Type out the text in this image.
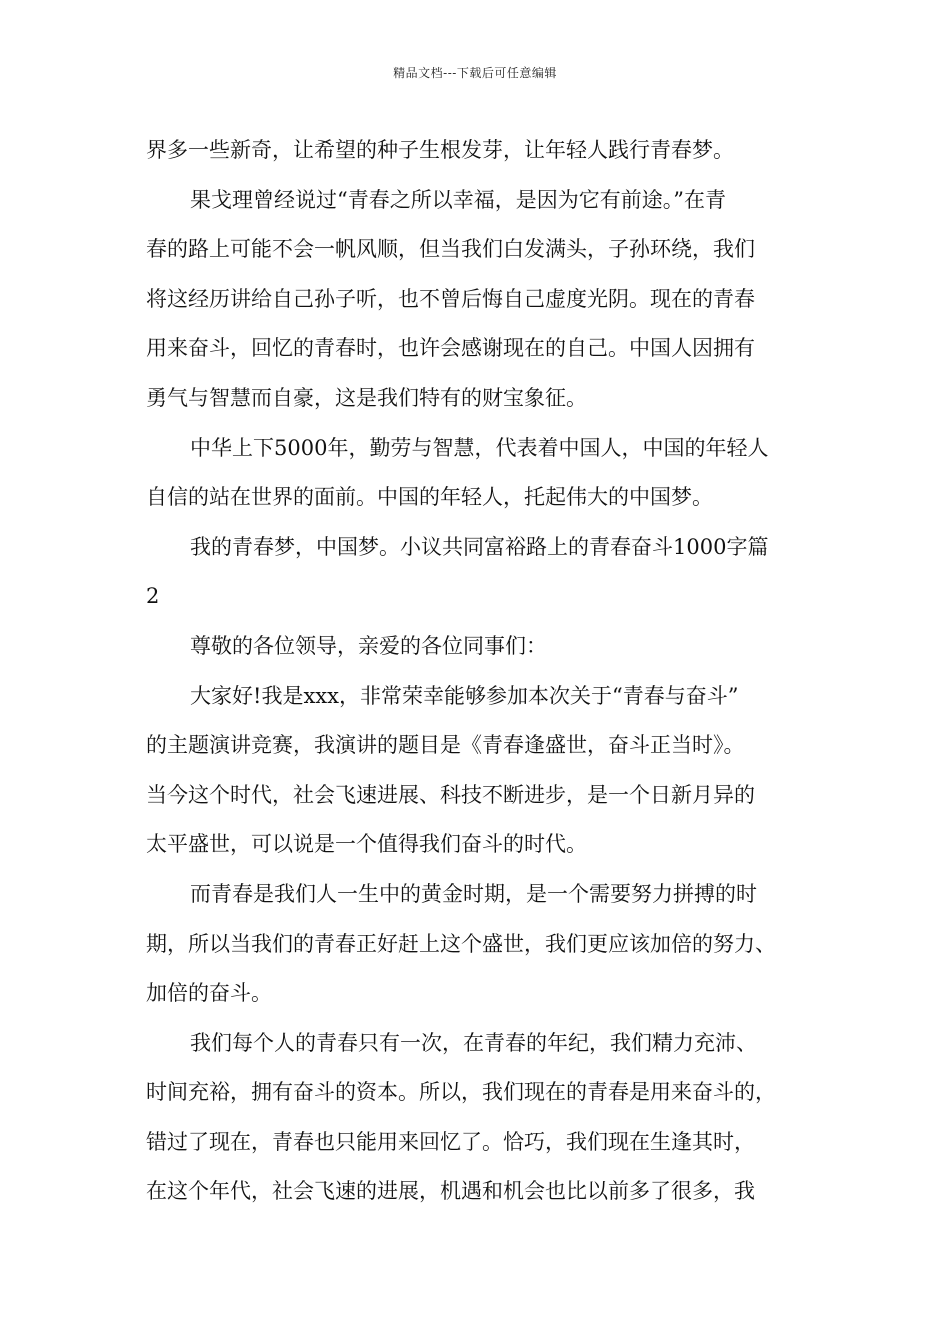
精品文档---下载后可任意编辑
界多一些新奇，让希望的种子生根发芽，让年轻人践行青春梦。
果戈理曾经说过“青春之所以幸福，是因为它有前途。”在青
春的路上可能不会一帆风顺，但当我们白发满头，子孙环绕，我们
将这经历讲给自己孙子听，也不曾后悔自己虚度光阴。现在的青春
用来奋斗，回忆的青春时，也许会感谢现在的自己。中国人因拥有
勇气与智慧而自豪，这是我们特有的财宝象征。
中华上下5000年，勤劳与智慧，代表着中国人，中国的年轻人
自信的站在世界的面前。中国的年轻人，托起伟大的中国梦。
我的青春梦，中国梦。小议共同富裕路上的青春奋斗1000字篇
2
尊敬的各位领导，亲爱的各位同事们：
大家好!我是xxx，非常荣幸能够参加本次关于“青春与奋斗”
的主题演讲竞赛，我演讲的题目是《青春逢盛世，奋斗正当时》。
当今这个时代，社会飞速进展、科技不断进步，是一个日新月异的
太平盛世，可以说是一个值得我们奋斗的时代。
而青春是我们人一生中的黄金时期，是一个需要努力拼搏的时
期，所以当我们的青春正好赶上这个盛世，我们更应该加倍的努力、
加倍的奋斗。
我们每个人的青春只有一次，在青春的年纪，我们精力充沛、
时间充裕，拥有奋斗的资本。所以，我们现在的青春是用来奋斗的，
错过了现在，青春也只能用来回忆了。恰巧，我们现在生逢其时，
在这个年代，社会飞速的进展，机遇和机会也比以前多了很多，我
